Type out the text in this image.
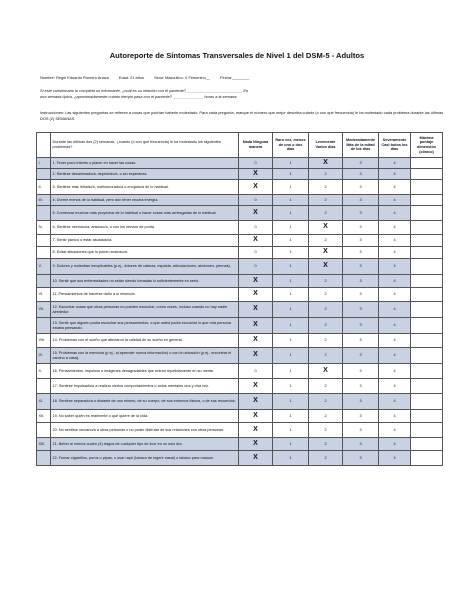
Autoreporte de Síntomas Transversales de Nivel 1 del DSM-5 - Adultos
Nombre: Regel Eduardo Romero Anaca	Edad: 21 años	Sexo: Masculino: X Femenino__	Fecha:________
Si este cuestionario lo completa un informante, ¿cuál es su relación con el paciente?__________________________ En
una semana típica, ¿aproximadamente cuánto tiempo pasa con el paciente? ______________ horas a la semana.
Instrucciones: Las siguientes preguntas se refieren a cosas que podrían haberle molestado. Para cada pregunta, marque el número que mejor describa cuánto (o con qué frecuencia) le ha molestado cada problema durante las últimas DOS (2) SEMANAS.
	Durante las últimas dos (2) semanas, ¿cuánto (o con qué frecuencia) le ha molestado los siguientes problemas?	Nada Ninguna manera	Raro vez, menos de uno o dos días	Levemente Varios días	Moderadamente Más de la mitad de los días	Severamente Casi todos los días	Máxima puntaje dimensión (clínico)
I.	1. Tener poco interés o placer en hacer las cosas.	0	1	X	3	4	
	2. Sentirse desanimado/a, deprimido/a, o sin esperanza.	X	1	2	3	4	
II.	3. Sentirse más irritado/a, malhumorado/a o enojado/a de lo habitual.	X	1	2	3	4	
III.	4. Dormir menos de lo habitual, pero aún tener mucha energía.	0	1	2	3	4	
	5. Comenzar muchos más proyectos de lo habitual o hacer cosas más arriesgadas de lo habitual.	X	1	2	3	4	
IV.	6. Sentirse nervioso/a, ansioso/a, o con los nervios de punta.	0	1	X	3	4	
	7. Sentir pánico o estar asustado/a.	X	1	2	3	4	
	8. Evitar situaciones que lo ponen ansioso/a.	0	1	X	3	4	
V.	9. Dolores y molestias inexplicables (p.ej., dolores de cabeza, espalda, articulaciones, abdomen, piernas).	0	1	X	3	4	
	10. Sentir que sus enfermedades no están siendo tomadas lo suficientemente en serio.	X	1	2	3	4	
VI.	11. Pensamientos de hacerse daño a sí mismo/a.	X	1	2	3	4	
VII.	12. Escuchar cosas que otras personas no pueden escuchar, como voces, incluso cuando no hay nadie alrededor.	X	1	2	3	4	
	13. Sentir que alguien podía escuchar sus pensamientos, o que usted podía escuchar lo que otra persona estaba pensando.	X	1	2	3	4	
VIII.	14. Problemas con el sueño que afectaron la calidad de su sueño en general.	X	1	2	3	4	
IX.	15. Problemas con la memoria (p.ej., al aprender nueva información) o con la ubicación (p.ej., encontrar el camino a casa).	X	1	2	3	4	
X.	16. Pensamientos, impulsos o imágenes desagradables que entran repetidamente en su mente.	0	1	X	3	4	
	17. Sentirse impulsado/a a realizar ciertos comportamientos o actos mentales una y otra vez.	X	1	2	3	4	
XI.	18. Sentirse separado/a o distante de uno mismo, de su cuerpo, de sus entornos físicos, o de sus recuerdos.	X	1	2	3	4	
XII.	19. No saber quién es realmente o qué quiere de la vida.	X	1	2	3	4	
	20. No sentirse cercano/a a otras personas o no poder disfrutar de sus relaciones con otras personas.	X	1	2	3	4	
XIII.	21. Beber al menos cuatro (4) tragos de cualquier tipo de licor en un solo día.	X	1	2	3	4	
	22. Fumar cigarrillos, puros o pipas, o usar rapé (tabaco de ingerir nasal) o tabaco para mascar.	X	1	2	3	4	
